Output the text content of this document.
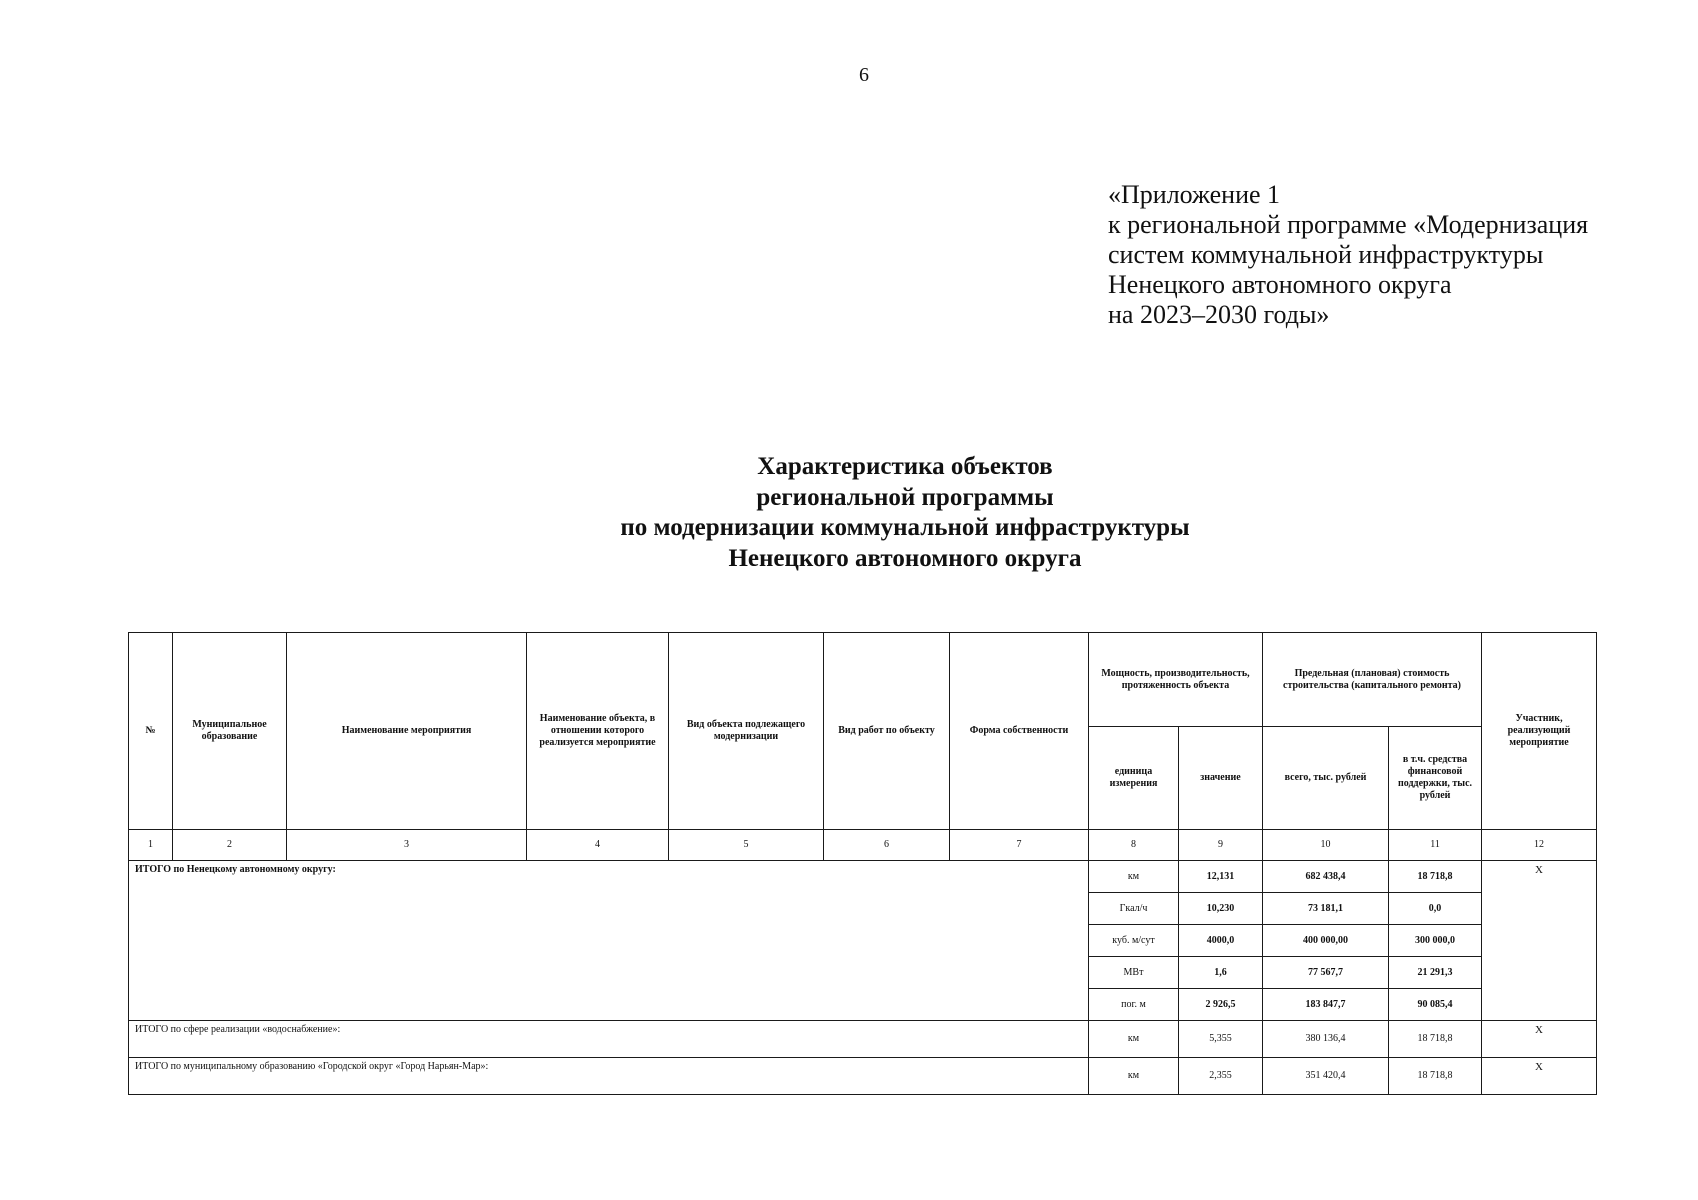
6
«Приложение 1
к региональной программе «Модернизация
систем коммунальной инфраструктуры
Ненецкого автономного округа
на 2023–2030 годы»
Характеристика объектов
региональной программы
по модернизации коммунальной инфраструктуры
Ненецкого автономного округа
№	Муниципальное образование	Наименование мероприятия	Наименование объекта, в отношении которого реализуется мероприятие	Вид объекта подлежащего модернизации	Вид работ по объекту	Форма собственности	Мощность, производительность, протяженность объекта		Предельная (плановая) стоимость строительства (капитального ремонта)		Участник, реализующий мероприятие
							единица измерения	значение	всего, тыс. рублей	в т.ч. средства финансовой поддержки, тыс. рублей	
1	2	3	4	5	6	7	8	9	10	11	12
ИТОГО по Ненецкому автономному округу:							км	12,131	682 438,4	18 718,8	Х
							Гкал/ч	10,230	73 181,1	0,0	
							куб. м/сут	4000,0	400 000,00	300 000,0	
							МВт	1,6	77 567,7	21 291,3	
							пог. м	2 926,5	183 847,7	90 085,4	
ИТОГО по сфере реализации «водоснабжение»:							км	5,355	380 136,4	18 718,8	Х
ИТОГО по муниципальному образованию «Городской округ «Город Нарьян-Мар»:							км	2,355	351 420,4	18 718,8	Х
